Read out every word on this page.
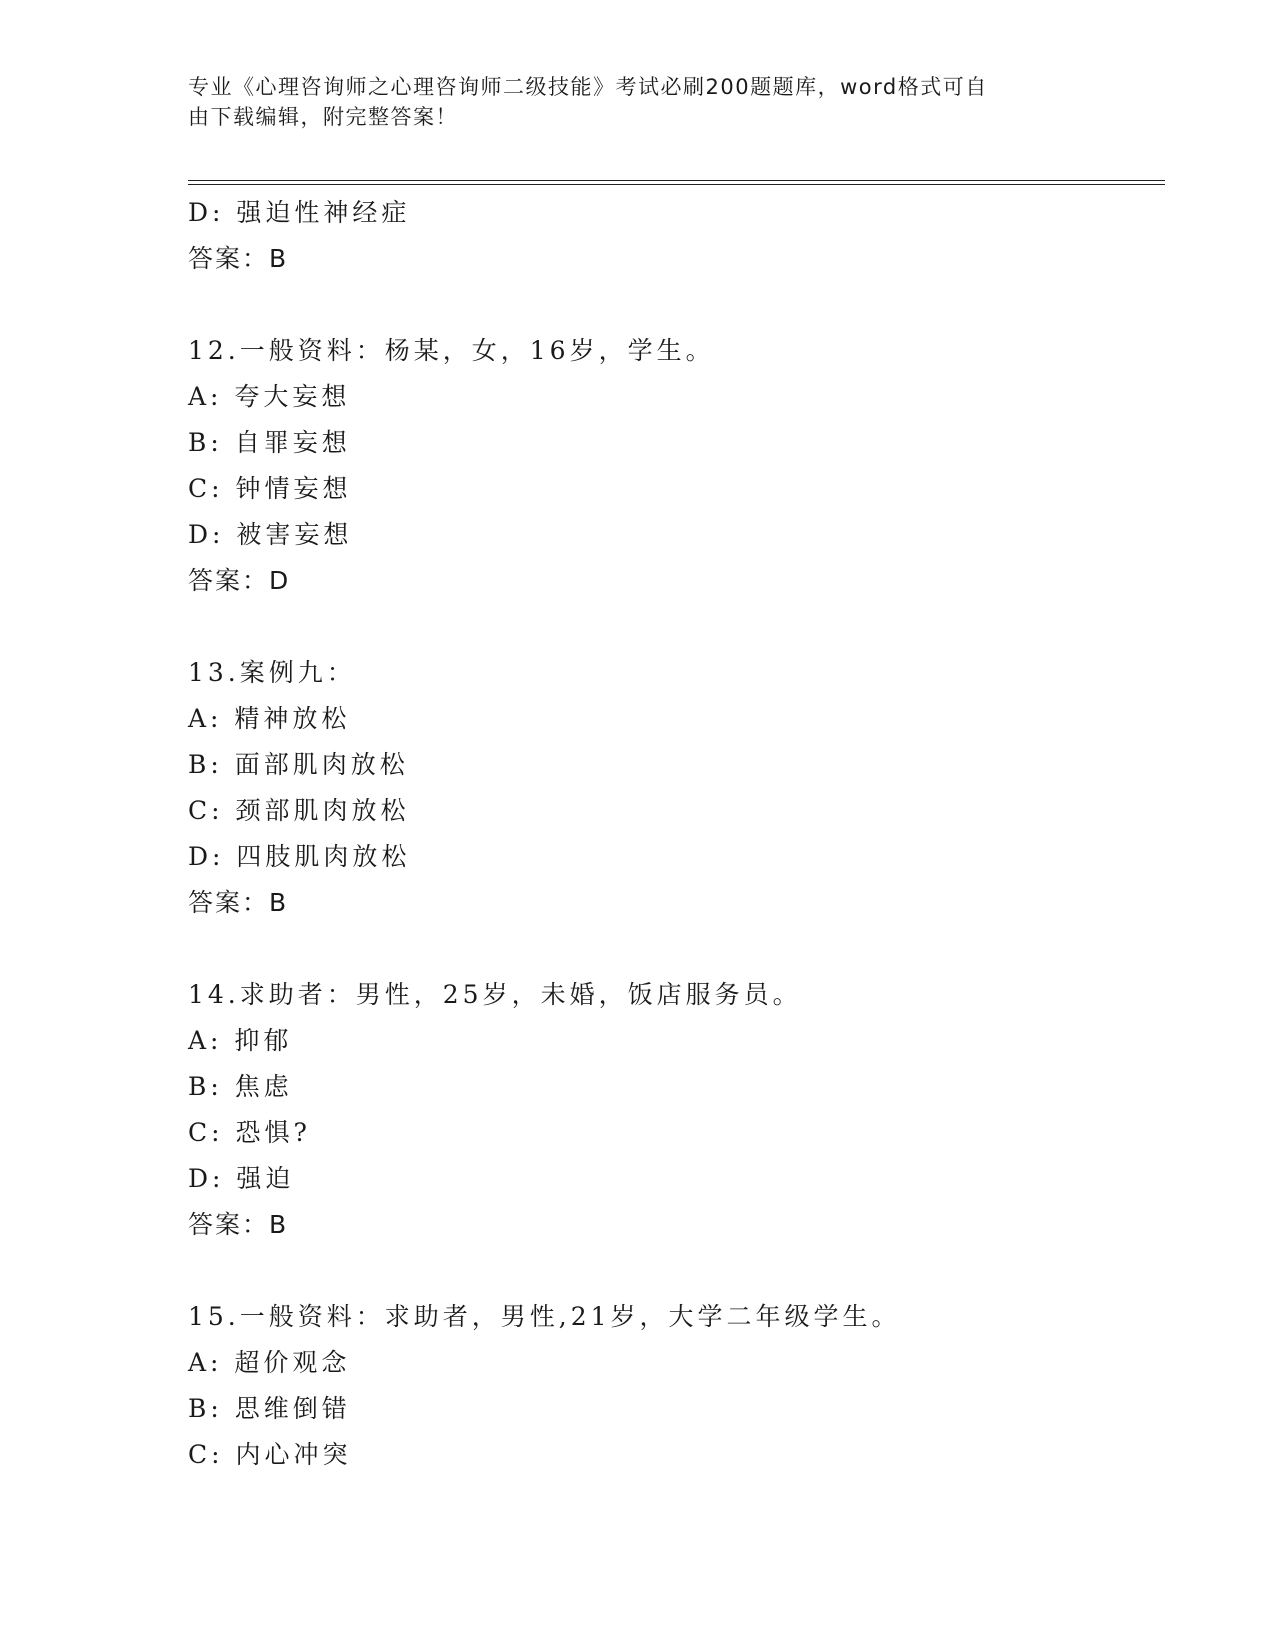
专业《心理咨询师之心理咨询师二级技能》考试必刷200题题库，word格式可自
由下载编辑，附完整答案！
D: 强迫性神经症
答案：B
12.一般资料：杨某，女，16岁，学生。
A: 夸大妄想
B: 自罪妄想
C: 钟情妄想
D: 被害妄想
答案：D
13.案例九：
A: 精神放松
B: 面部肌肉放松
C: 颈部肌肉放松
D: 四肢肌肉放松
答案：B
14.求助者：男性，25岁，未婚，饭店服务员。
A: 抑郁
B: 焦虑
C: 恐惧?
D: 强迫
答案：B
15.一般资料：求助者，男性,21岁，大学二年级学生。
A: 超价观念
B: 思维倒错
C: 内心冲突
